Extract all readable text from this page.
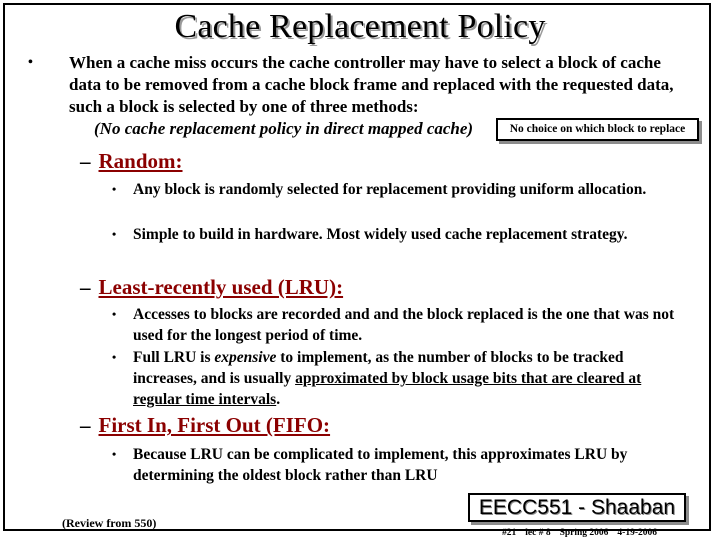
Cache Replacement Policy
• When a cache miss occurs the cache controller may have to select a block of cache data to be removed from a cache block frame and replaced with the requested data, such a block is selected by one of three methods:
(No cache replacement policy in direct mapped cache)	No choice on which block to replace
– Random:
•	Any block is randomly selected for replacement providing uniform allocation.
•	Simple to build in hardware. Most widely used cache replacement strategy.
– Least-recently used (LRU):
•	Accesses to blocks are recorded and and the block replaced is the one that was not used for the longest period of time.
•	Full LRU is expensive to implement, as the number of blocks to be tracked increases, and is usually approximated by block usage bits that are cleared at regular time intervals.
– First In, First Out (FIFO:
•	Because LRU can be complicated to implement, this approximates LRU by determining the oldest block rather than LRU
(Review from 550)
EECC551 - Shaaban
#21 lec # 8 Spring 2006 4-19-2006
